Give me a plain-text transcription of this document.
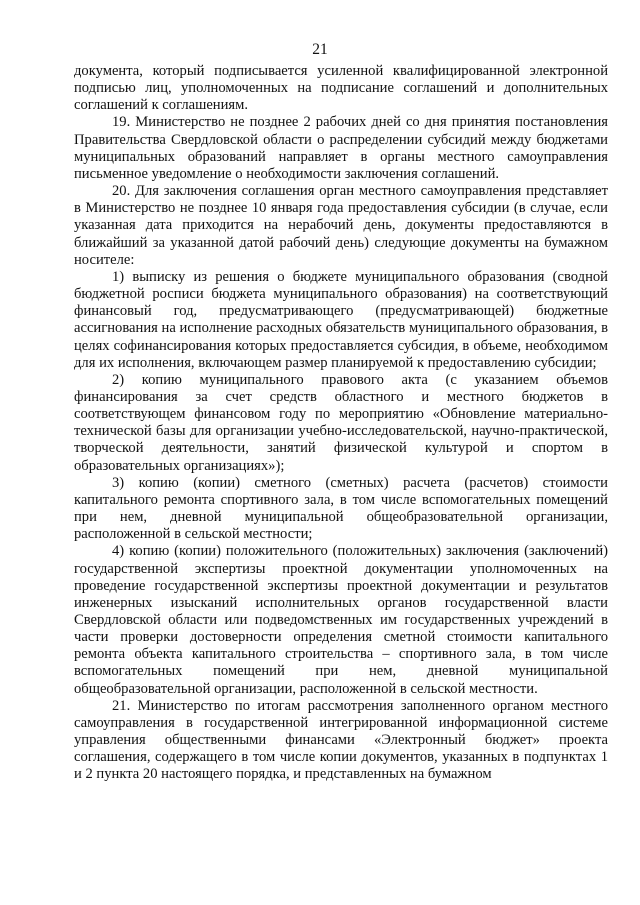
21

документа, который подписывается усиленной квалифицированной электронной подписью лиц, уполномоченных на подписание соглашений и дополнительных соглашений к соглашениям.

19. Министерство не позднее 2 рабочих дней со дня принятия постановления Правительства Свердловской области о распределении субсидий между бюджетами муниципальных образований направляет в органы местного самоуправления письменное уведомление о необходимости заключения соглашений.

20. Для заключения соглашения орган местного самоуправления представляет в Министерство не позднее 10 января года предоставления субсидии (в случае, если указанная дата приходится на нерабочий день, документы предоставляются в ближайший за указанной датой рабочий день) следующие документы на бумажном носителе:

1) выписку из решения о бюджете муниципального образования (сводной бюджетной росписи бюджета муниципального образования) на соответствующий финансовый год, предусматривающего (предусматривающей) бюджетные ассигнования на исполнение расходных обязательств муниципального образования, в целях софинансирования которых предоставляется субсидия, в объеме, необходимом для их исполнения, включающем размер планируемой к предоставлению субсидии;

2) копию муниципального правового акта (с указанием объемов финансирования за счет средств областного и местного бюджетов в соответствующем финансовом году по мероприятию «Обновление материально-технической базы для организации учебно-исследовательской, научно-практической, творческой деятельности, занятий физической культурой и спортом в образовательных организациях»);

3) копию (копии) сметного (сметных) расчета (расчетов) стоимости капитального ремонта спортивного зала, в том числе вспомогательных помещений при нем, дневной муниципальной общеобразовательной организации, расположенной в сельской местности;

4) копию (копии) положительного (положительных) заключения (заключений) государственной экспертизы проектной документации уполномоченных на проведение государственной экспертизы проектной документации и результатов инженерных изысканий исполнительных органов государственной власти Свердловской области или подведомственных им государственных учреждений в части проверки достоверности определения сметной стоимости капитального ремонта объекта капитального строительства – спортивного зала, в том числе вспомогательных помещений при нем, дневной муниципальной общеобразовательной организации, расположенной в сельской местности.

21. Министерство по итогам рассмотрения заполненного органом местного самоуправления в государственной интегрированной информационной системе управления общественными финансами «Электронный бюджет» проекта соглашения, содержащего в том числе копии документов, указанных в подпунктах 1 и 2 пункта 20 настоящего порядка, и представленных на бумажном
